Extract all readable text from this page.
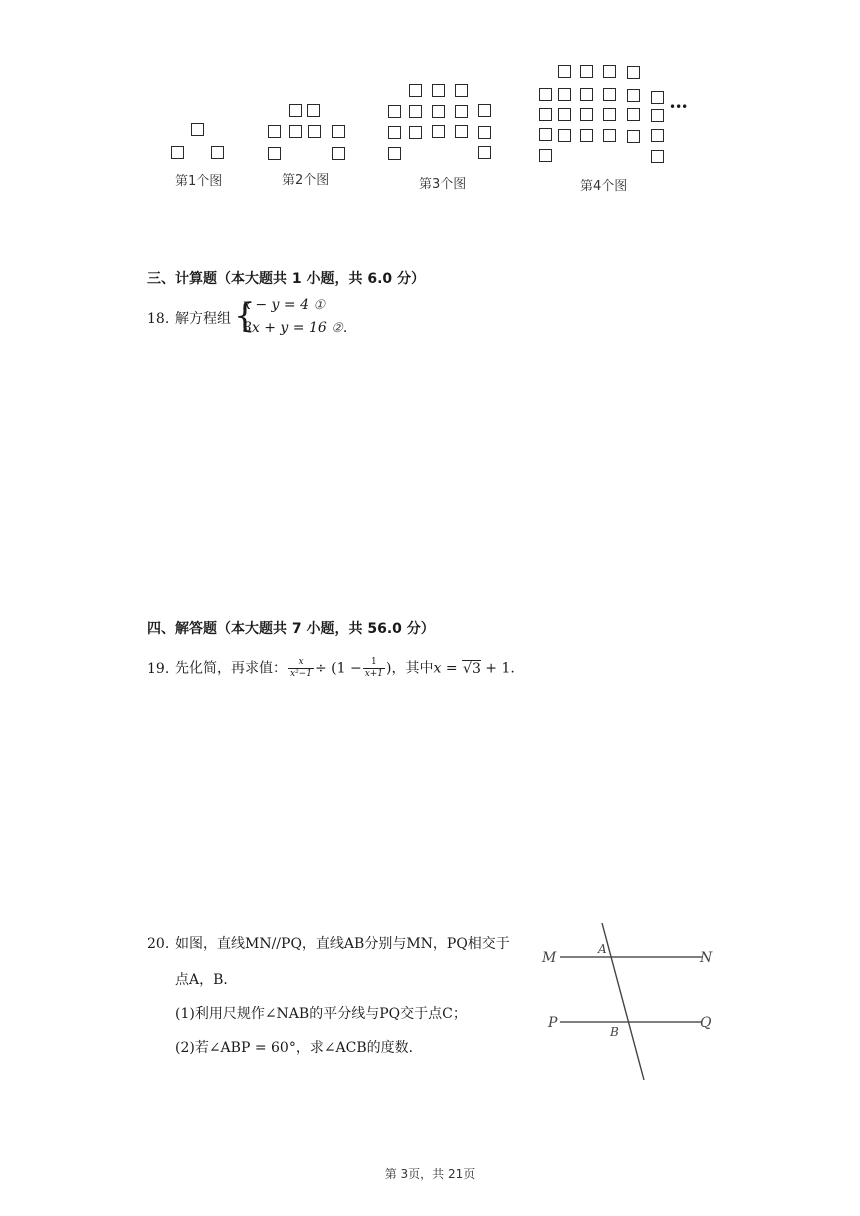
•••
第1个图	第2个图	第3个图	第4个图
三、计算题（本大题共 1 小题，共 6.0 分）
18. 解方程组 {
x − y = 4 ①
3x + y = 16 ②.
四、解答题（本大题共 7 小题，共 56.0 分）
19. 先化简，再求值： $\frac{x}{\text{x²−1}} \div (1 - \frac{1}{x+1}$ )，其中x = √3 + 1.
20. 如图，直线MN//PQ，直线AB分别与MN，PQ相交于
点A，B．
(1)利用尺规作∠NAB的平分线与PQ交于点C；
(2)若∠ABP = 60°，求∠ACB的度数．
M	N
A
P	Q
B
第 3页，共 21页
